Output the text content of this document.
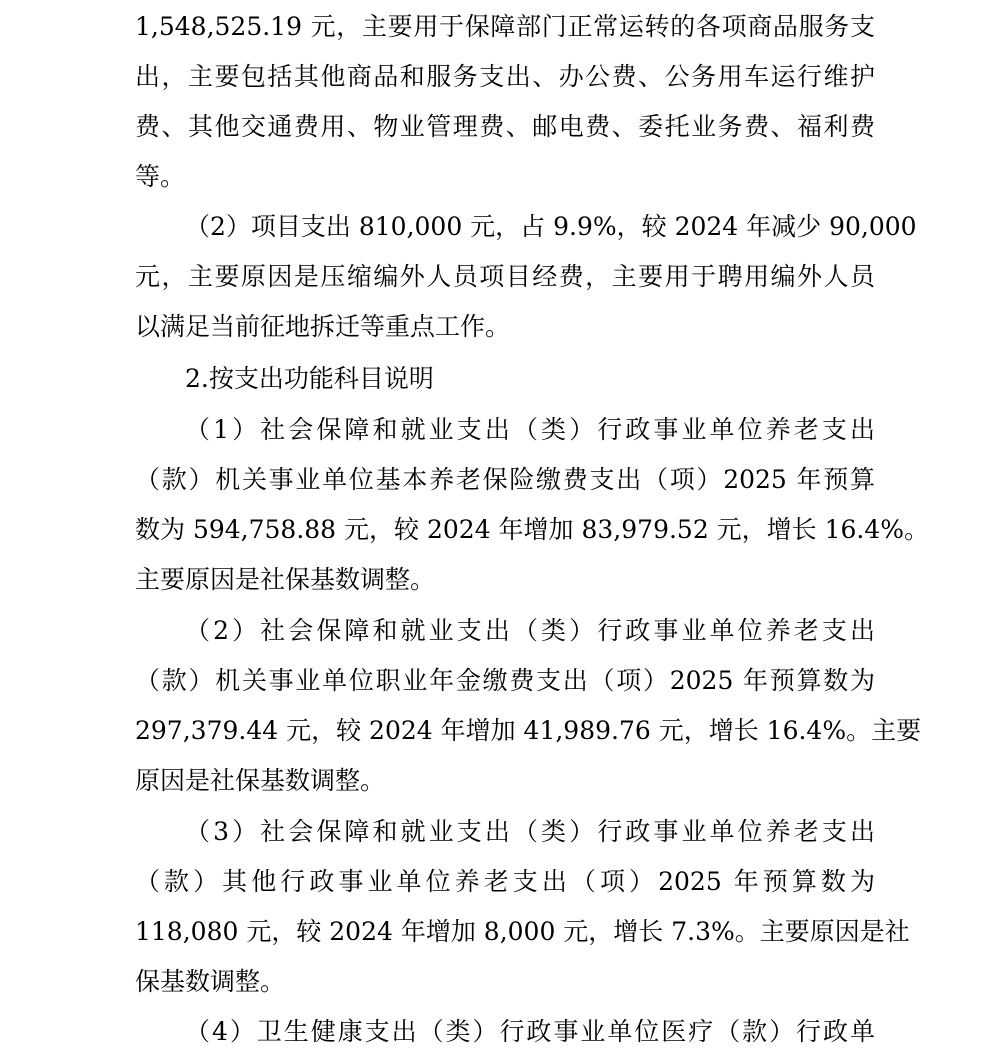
1,548,525.19 元，主要用于保障部门正常运转的各项商品服务支
出，主要包括其他商品和服务支出、办公费、公务用车运行维护
费、其他交通费用、物业管理费、邮电费、委托业务费、福利费
等。
（2）项目支出 810,000 元，占 9.9%，较 2024 年减少 90,000
元，主要原因是压缩编外人员项目经费，主要用于聘用编外人员
以满足当前征地拆迁等重点工作。
2.按支出功能科目说明
（1）社会保障和就业支出（类）行政事业单位养老支出
（款）机关事业单位基本养老保险缴费支出（项）2025 年预算
数为 594,758.88 元，较 2024 年增加 83,979.52 元，增长 16.4%。
主要原因是社保基数调整。
（2）社会保障和就业支出（类）行政事业单位养老支出
（款）机关事业单位职业年金缴费支出（项）2025 年预算数为
297,379.44 元，较 2024 年增加 41,989.76 元，增长 16.4%。主要
原因是社保基数调整。
（3）社会保障和就业支出（类）行政事业单位养老支出
（款）其他行政事业单位养老支出（项）2025 年预算数为
118,080 元，较 2024 年增加 8,000 元，增长 7.3%。主要原因是社
保基数调整。
（4）卫生健康支出（类）行政事业单位医疗（款）行政单
